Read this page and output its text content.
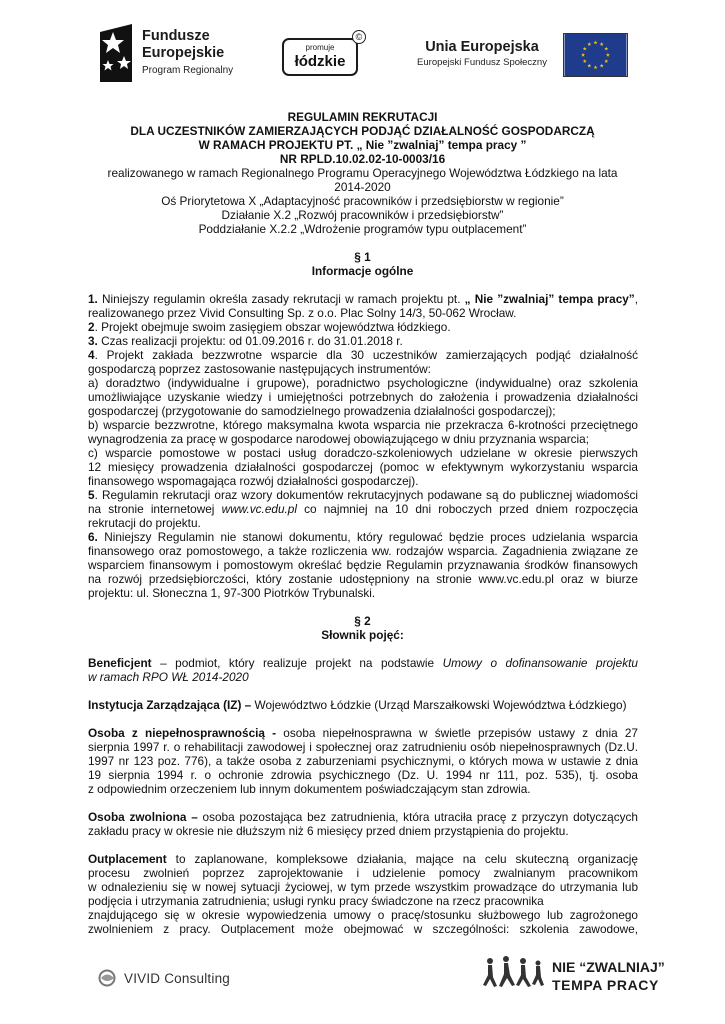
Fundusze
Europejskie
Program Regionalny
promuje
łódzkie
©
Unia Europejska
Europejski Fundusz Społeczny
REGULAMIN REKRUTACJI
DLA UCZESTNIKÓW ZAMIERZAJĄCYCH PODJĄĆ DZIAŁALNOŚĆ GOSPODARCZĄ
W RAMACH PROJEKTU PT. „ Nie ”zwalniaj” tempa pracy ”
NR RPLD.10.02.02-10-0003/16
realizowanego w ramach Regionalnego Programu Operacyjnego Województwa Łódzkiego na lata
2014-2020
Oś Priorytetowa X „Adaptacyjność pracowników i przedsiębiorstw w regionie”
Działanie X.2 „Rozwój pracowników i przedsiębiorstw”
Poddziałanie X.2.2 „Wdrożenie programów typu outplacement”
§ 1
Informacje ogólne
1. Niniejszy regulamin określa zasady rekrutacji w ramach projektu pt. „ Nie ”zwalniaj” tempa pracy”,
realizowanego przez Vivid Consulting Sp. z o.o. Plac Solny 14/3, 50-062 Wrocław.
2. Projekt obejmuje swoim zasięgiem obszar województwa łódzkiego.
3. Czas realizacji projektu: od 01.09.2016 r. do 31.01.2018 r.
4. Projekt zakłada bezzwrotne wsparcie dla 30 uczestników zamierzających podjąć działalność
gospodarczą poprzez zastosowanie następujących instrumentów:
a) doradztwo (indywidualne i grupowe), poradnictwo psychologiczne (indywidualne) oraz szkolenia
umożliwiające uzyskanie wiedzy i umiejętności potrzebnych do założenia i prowadzenia działalności
gospodarczej (przygotowanie do samodzielnego prowadzenia działalności gospodarczej);
b) wsparcie bezzwrotne, którego maksymalna kwota wsparcia nie przekracza 6-krotności przeciętnego
wynagrodzenia za pracę w gospodarce narodowej obowiązującego w dniu przyznania wsparcia;
c) wsparcie pomostowe w postaci usług doradczo-szkoleniowych udzielane w okresie pierwszych
12 miesięcy prowadzenia działalności gospodarczej (pomoc w efektywnym wykorzystaniu wsparcia
finansowego wspomagająca rozwój działalności gospodarczej).
5. Regulamin rekrutacji oraz wzory dokumentów rekrutacyjnych podawane są do publicznej wiadomości
na stronie internetowej www.vc.edu.pl co najmniej na 10 dni roboczych przed dniem rozpoczęcia
rekrutacji do projektu.
6. Niniejszy Regulamin nie stanowi dokumentu, który regulować będzie proces udzielania wsparcia
finansowego oraz pomostowego, a także rozliczenia ww. rodzajów wsparcia. Zagadnienia związane ze
wsparciem finansowym i pomostowym określać będzie Regulamin przyznawania środków finansowych
na rozwój przedsiębiorczości, który zostanie udostępniony na stronie www.vc.edu.pl oraz w biurze
projektu: ul. Słoneczna 1, 97-300 Piotrków Trybunalski.
§ 2
Słownik pojęć:
Beneficjent – podmiot, który realizuje projekt na podstawie Umowy o dofinansowanie projektu
w ramach RPO WŁ 2014-2020
Instytucja Zarządzająca (IZ) – Województwo Łódzkie (Urząd Marszałkowski Województwa Łódzkiego)
Osoba z niepełnosprawnością - osoba niepełnosprawna w świetle przepisów ustawy z dnia 27
sierpnia 1997 r. o rehabilitacji zawodowej i społecznej oraz zatrudnieniu osób niepełnosprawnych (Dz.U.
1997 nr 123 poz. 776), a także osoba z zaburzeniami psychicznymi, o których mowa w ustawie z dnia
19 sierpnia 1994 r. o ochronie zdrowia psychicznego (Dz. U. 1994 nr 111, poz. 535), tj. osoba
z odpowiednim orzeczeniem lub innym dokumentem poświadczającym stan zdrowia.
Osoba zwolniona – osoba pozostająca bez zatrudnienia, która utraciła pracę z przyczyn dotyczących
zakładu pracy w okresie nie dłuższym niż 6 miesięcy przed dniem przystąpienia do projektu.
Outplacement to zaplanowane, kompleksowe działania, mające na celu skuteczną organizację
procesu zwolnień poprzez zaprojektowanie i udzielenie pomocy zwalnianym pracownikom
w odnalezieniu się w nowej sytuacji życiowej, w tym przede wszystkim prowadzące do utrzymania lub
podjęcia i utrzymania zatrudnienia; usługi rynku pracy świadczone na rzecz pracownika
znajdującego się w okresie wypowiedzenia umowy o pracę/stosunku służbowego lub zagrożonego
zwolnieniem z pracy. Outplacement może obejmować w szczególności: szkolenia zawodowe,
VIVID Consulting
NIE “ZWALNIAJ”
TEMPA PRACY
